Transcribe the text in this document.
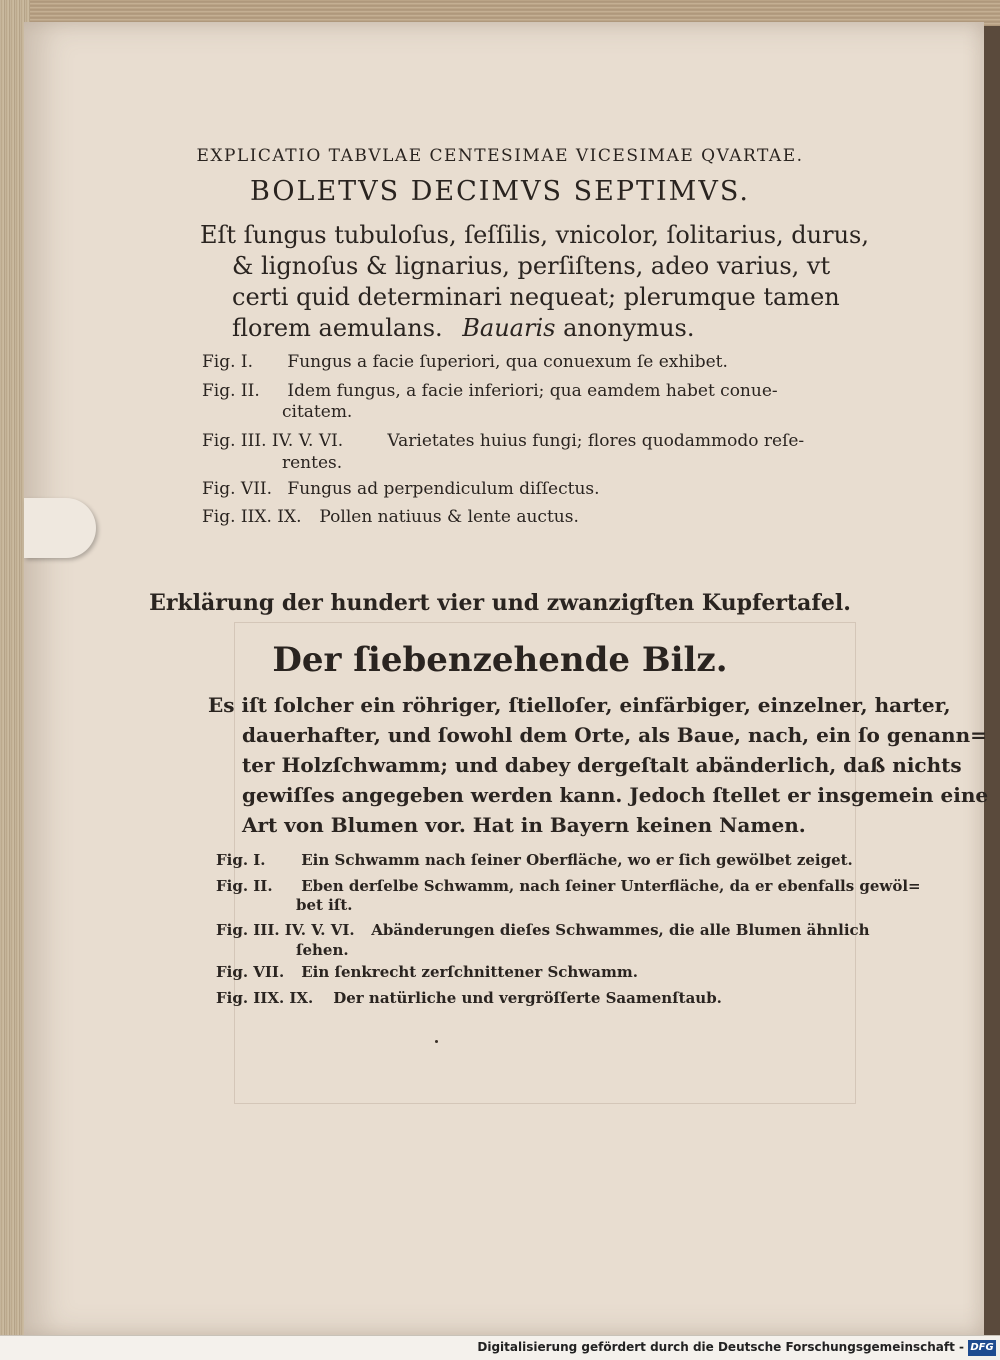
EXPLICATIO TABVLAE CENTESIMAE VICESIMAE QVARTAE.
BOLETVS DECIMVS SEPTIMVS.
Eſt ſungus tubuloſus, ſeſſilis, vnicolor, ſolitarius, durus,
& lignoſus & lignarius, perſiſtens, adeo varius, vt
certi quid determinari nequeat; plerumque tamen
florem aemulans. Bauaris anonymus.
Fig. I. Fungus a facie ſuperiori, qua conuexum ſe exhibet.
Fig. II. Idem fungus, a facie inferiori; qua eamdem habet conue-
citatem.
Fig. III. IV. V. VI.	Varietates huius fungi; flores quodammodo reſe-
rentes.
Fig. VII. Fungus ad perpendiculum diſſectus.
Fig. IIX. IX. Pollen natiuus & lente auctus.
Erklärung der hundert vier und zwanzigſten Kupfertafel.
Der ſiebenzehende Bilz.
Es iſt ſolcher ein röhriger, ſtielloſer, einfärbiger, einzelner, harter,
dauerhafter, und ſowohl dem Orte, als Baue, nach, ein ſo genann=
ter Holzſchwamm; und dabey dergeſtalt abänderlich, daß nichts
gewiſſes angegeben werden kann. Jedoch ſtellet er insgemein eine
Art von Blumen vor. Hat in Bayern keinen Namen.
Fig. I. Ein Schwamm nach ſeiner Oberfläche, wo er ſich gewölbet zeiget.
Fig. II. Eben derſelbe Schwamm, nach ſeiner Unterfläche, da er ebenfalls gewöl=
bet iſt.
Fig. III. IV. V. VI. Abänderungen dieſes Schwammes, die alle Blumen ähnlich
ſehen.
Fig. VII. Ein ſenkrecht zerſchnittener Schwamm.
Fig. IIX. IX. Der natürliche und vergröſſerte Saamenſtaub.
Digitalisierung gefördert durch die Deutsche Forschungsgemeinschaft - DFG
